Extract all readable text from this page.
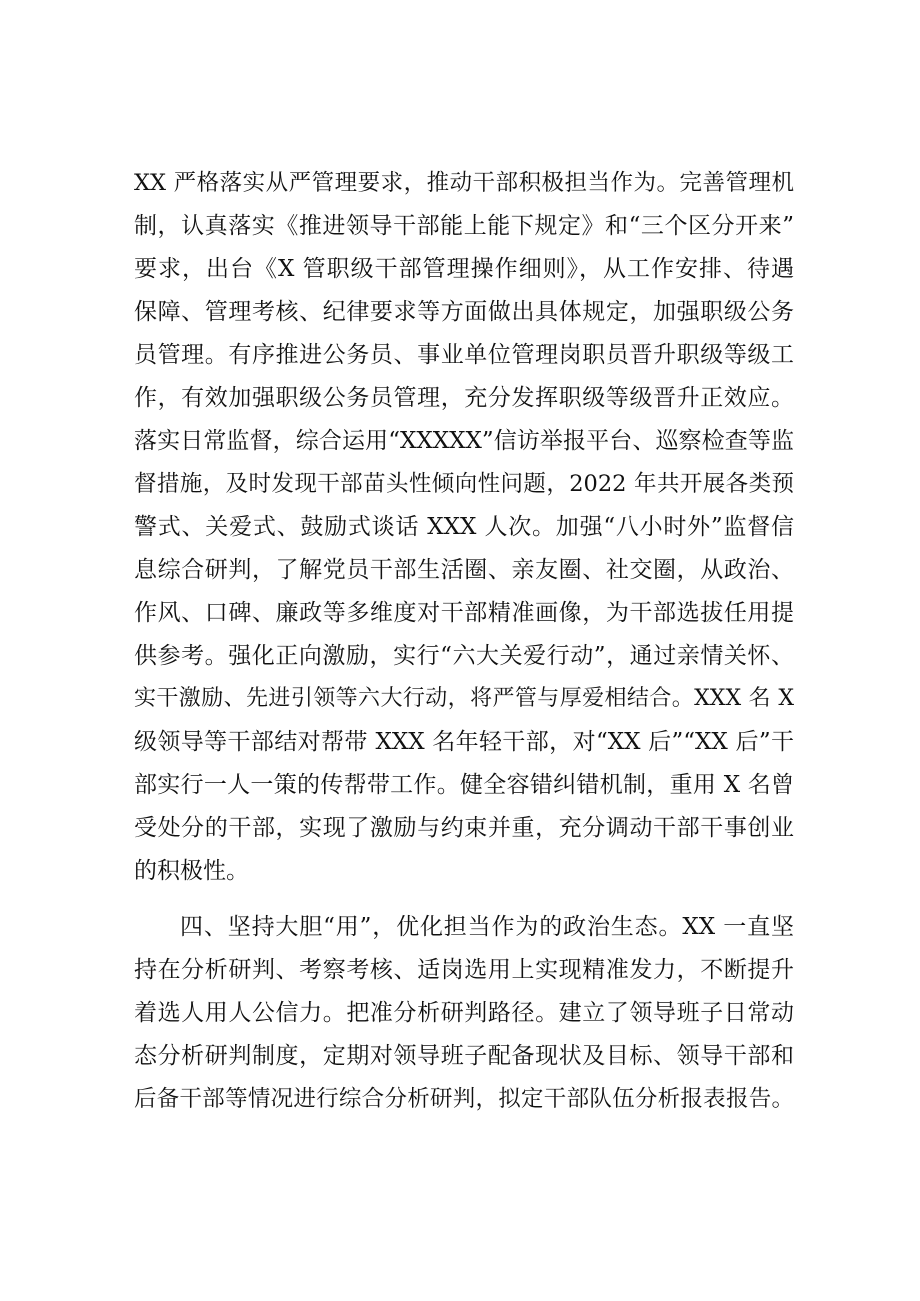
XX 严格落实从严管理要求，推动干部积极担当作为。完善管理机
制，认真落实《推进领导干部能上能下规定》和“三个区分开来”
要求，出台《X 管职级干部管理操作细则》，从工作安排、待遇
保障、管理考核、纪律要求等方面做出具体规定，加强职级公务
员管理。有序推进公务员、事业单位管理岗职员晋升职级等级工
作，有效加强职级公务员管理，充分发挥职级等级晋升正效应。
落实日常监督，综合运用“XXXXX”信访举报平台、巡察检查等监
督措施，及时发现干部苗头性倾向性问题，2022 年共开展各类预
警式、关爱式、鼓励式谈话 XXX 人次。加强“八小时外”监督信
息综合研判，了解党员干部生活圈、亲友圈、社交圈，从政治、
作风、口碑、廉政等多维度对干部精准画像，为干部选拔任用提
供参考。强化正向激励，实行“六大关爱行动”，通过亲情关怀、
实干激励、先进引领等六大行动，将严管与厚爱相结合。XXX 名 X
级领导等干部结对帮带 XXX 名年轻干部，对“XX 后”“XX 后”干
部实行一人一策的传帮带工作。健全容错纠错机制，重用 X 名曾
受处分的干部，实现了激励与约束并重，充分调动干部干事创业
的积极性。
四、坚持大胆“用”，优化担当作为的政治生态。XX 一直坚
持在分析研判、考察考核、适岗选用上实现精准发力，不断提升
着选人用人公信力。把准分析研判路径。建立了领导班子日常动
态分析研判制度，定期对领导班子配备现状及目标、领导干部和
后备干部等情况进行综合分析研判，拟定干部队伍分析报表报告。
